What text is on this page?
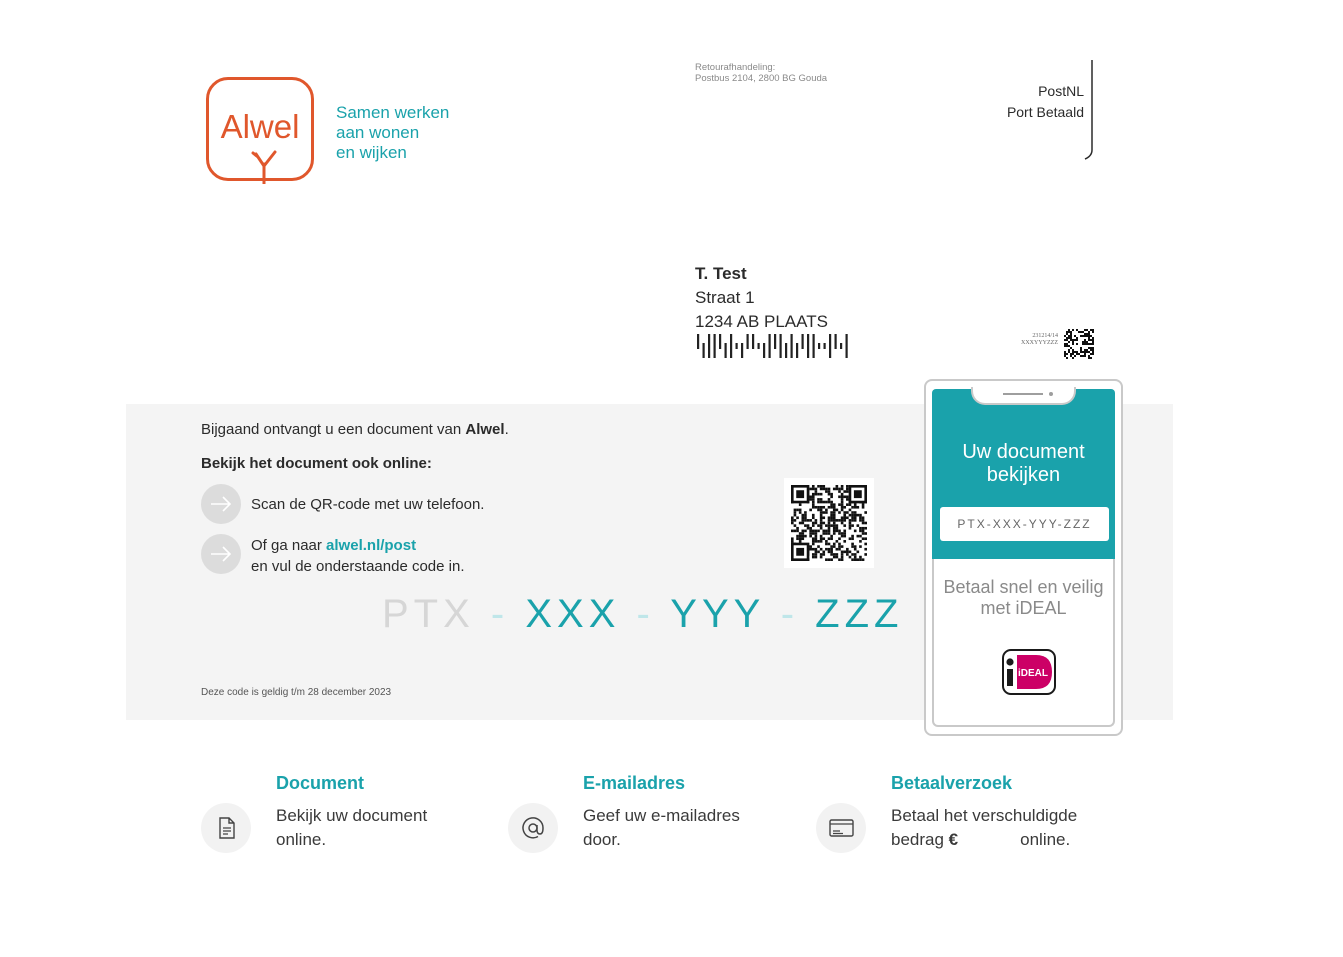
Alwel	Samen werken
aan wonen
en wijken
Retourafhandeling:
Postbus 2104, 2800 BG Gouda
PostNL
Port Betaald
T. Test
Straat 1
1234 AB PLAATS
231214/14
XXXYYYZZZ
Bijgaand ontvangt u een document van Alwel.
Bekijk het document ook online:
Scan de QR-code met uw telefoon.
Of ga naar alwel.nl/post
en vul de onderstaande code in.
PTX - XXX - YYY - ZZZ
Deze code is geldig t/m 28 december 2023
Uw document bekijken
PTX-XXX-YYY-ZZZ
Betaal snel en veilig met iDEAL
iDEAL
Document
Bekijk uw document online.
E-mailadres
Geef uw e-mailadres door.
Betaalverzoek
Betaal het verschuldigde bedrag €	online.
